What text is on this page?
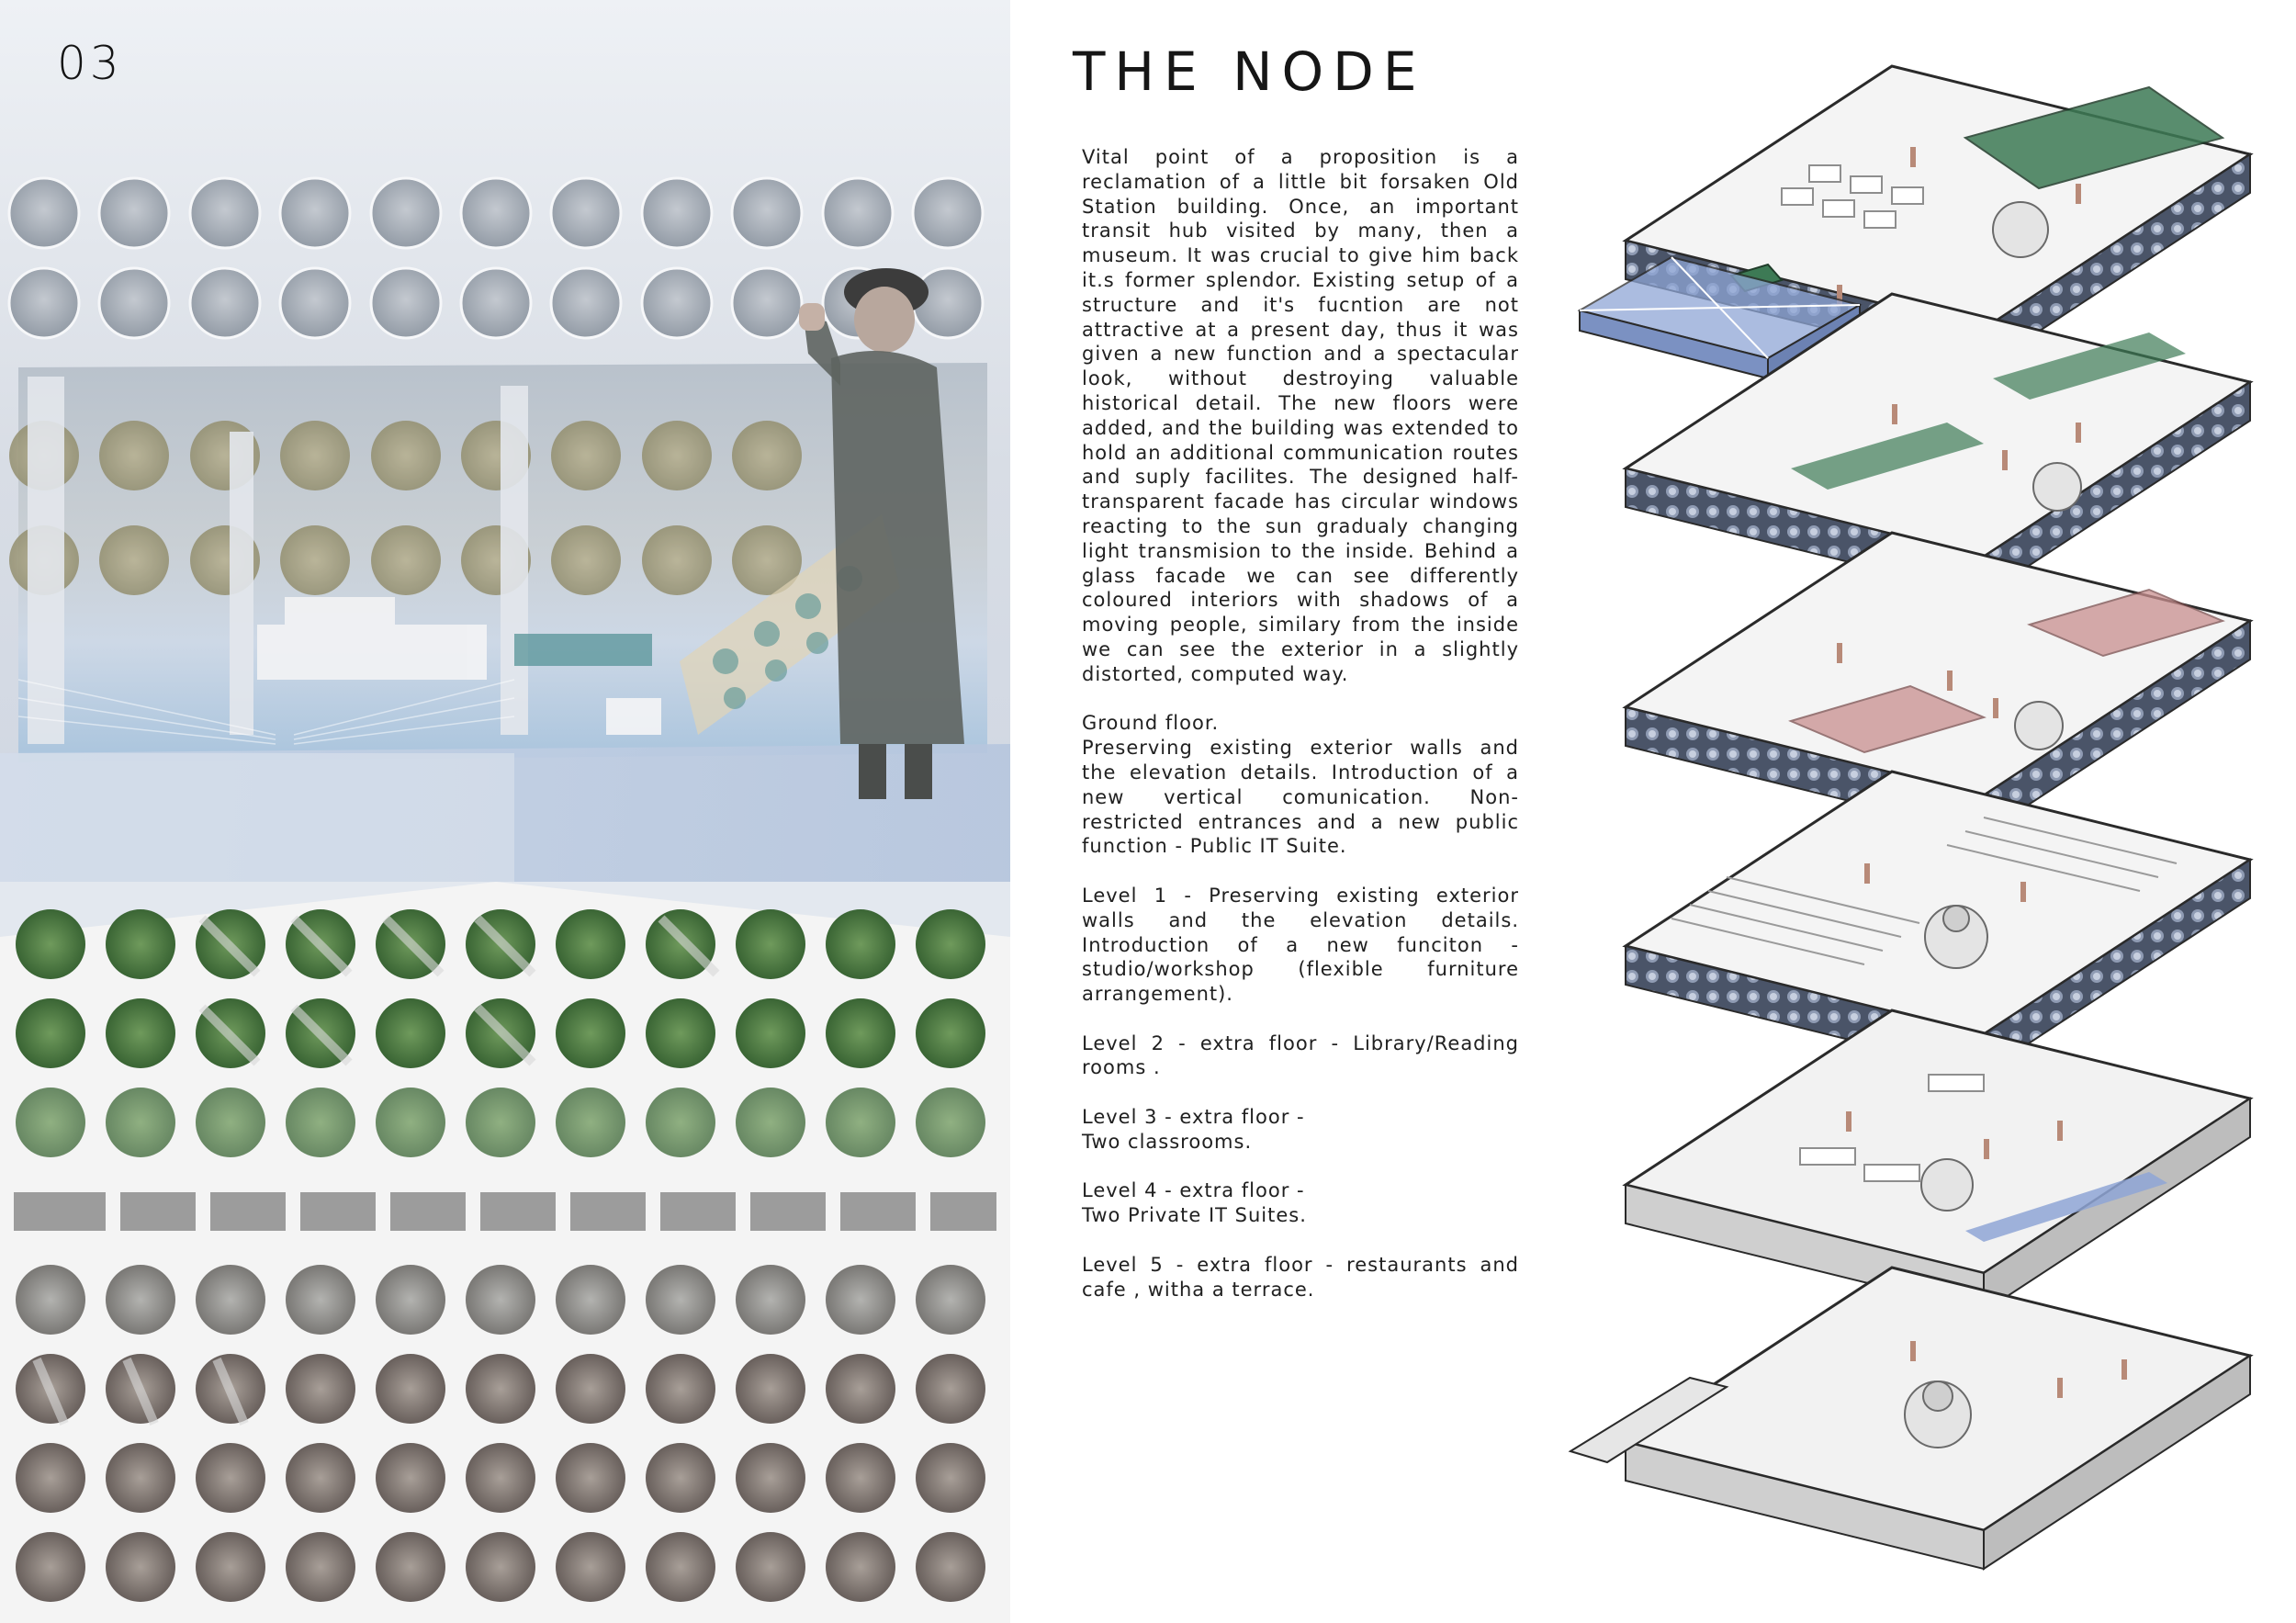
03	THE NODE

Vital point of a proposition is a reclamation of a little bit forsaken Old Station building. Once, an important transit hub visited by many, then a museum. It was crucial to give him back it.s former splendor. Existing setup of a structure and it's fucntion are not attractive at a present day, thus it was given a new function and a spectacular look, without destroying valuable historical detail. The new floors were added, and the building was extended to hold an additional communication routes and suply facilites. The designed half-transparent facade has circular windows reacting to the sun gradualy changing light transmision to the inside. Behind a glass facade we can see differently coloured interiors with shadows of a moving people, similary from the inside we can see the exterior in a slightly distorted, computed way.

Ground floor.

Preserving existing exterior walls and the elevation details. Introduction of a new vertical comunication. Non-restricted entrances and a new public function - Public IT Suite.

Level 1 - Preserving existing exterior walls and the elevation details. Introduction of a new funciton - studio/workshop (flexible furniture arrangement).

Level 2 - extra floor - Library/Reading rooms .

Level 3 - extra floor -

Two classrooms.

Level 4 - extra floor -

Two Private IT Suites.

Level 5 - extra floor - restaurants and cafe , witha a terrace.
